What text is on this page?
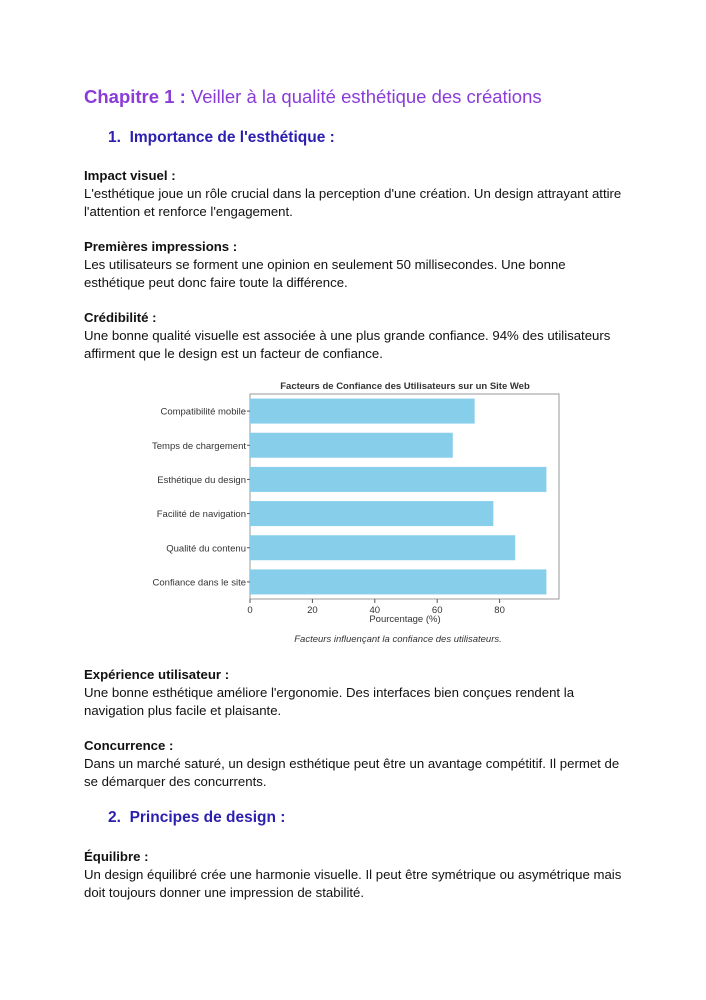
Chapitre 1 : Veiller à la qualité esthétique des créations
1. Importance de l'esthétique :
Impact visuel :
L'esthétique joue un rôle crucial dans la perception d'une création. Un design attrayant attire l'attention et renforce l'engagement.
Premières impressions :
Les utilisateurs se forment une opinion en seulement 50 millisecondes. Une bonne esthétique peut donc faire toute la différence.
Crédibilité :
Une bonne qualité visuelle est associée à une plus grande confiance. 94% des utilisateurs affirment que le design est un facteur de confiance.
Facteurs de Confiance des Utilisateurs sur un Site Web
Compatibilité mobile
Temps de chargement
Esthétique du design
Facilité de navigation
Qualité du contenu
Confiance dans le site
0	20	40	60	80
Pourcentage (%)
Facteurs influençant la confiance des utilisateurs.
Expérience utilisateur :
Une bonne esthétique améliore l'ergonomie. Des interfaces bien conçues rendent la navigation plus facile et plaisante.
Concurrence :
Dans un marché saturé, un design esthétique peut être un avantage compétitif. Il permet de se démarquer des concurrents.
2. Principes de design :
Équilibre :
Un design équilibré crée une harmonie visuelle. Il peut être symétrique ou asymétrique mais doit toujours donner une impression de stabilité.
